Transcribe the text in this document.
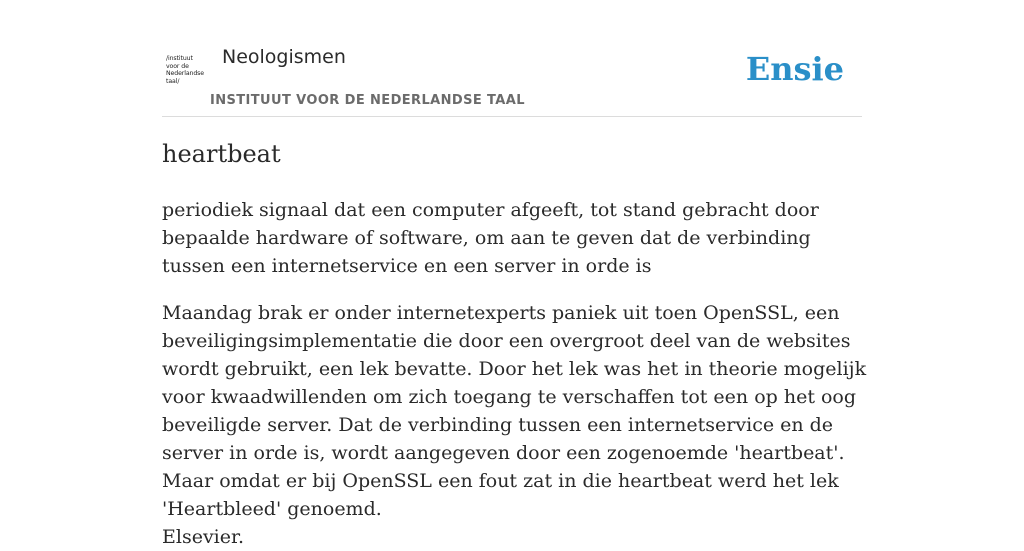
/instituut
voor de
Nederlandse
taal/
Neologismen
INSTITUUT VOOR DE NEDERLANDSE TAAL
Ensie
heartbeat

periodiek signaal dat een computer afgeeft, tot stand gebracht door bepaalde hardware of software, om aan te geven dat de verbinding tussen een internetservice en een server in orde is

Maandag brak er onder internetexperts paniek uit toen OpenSSL, een beveiligingsimplementatie die door een overgroot deel van de websites wordt gebruikt, een lek bevatte. Door het lek was het in theorie mogelijk voor kwaadwillenden om zich toegang te verschaffen tot een op het oog beveiligde server. Dat de verbinding tussen een internetservice en de server in orde is, wordt aangegeven door een zogenoemde 'heartbeat'. Maar omdat er bij OpenSSL een fout zat in die heartbeat werd het lek 'Heartbleed' genoemd.

Elsevier.
